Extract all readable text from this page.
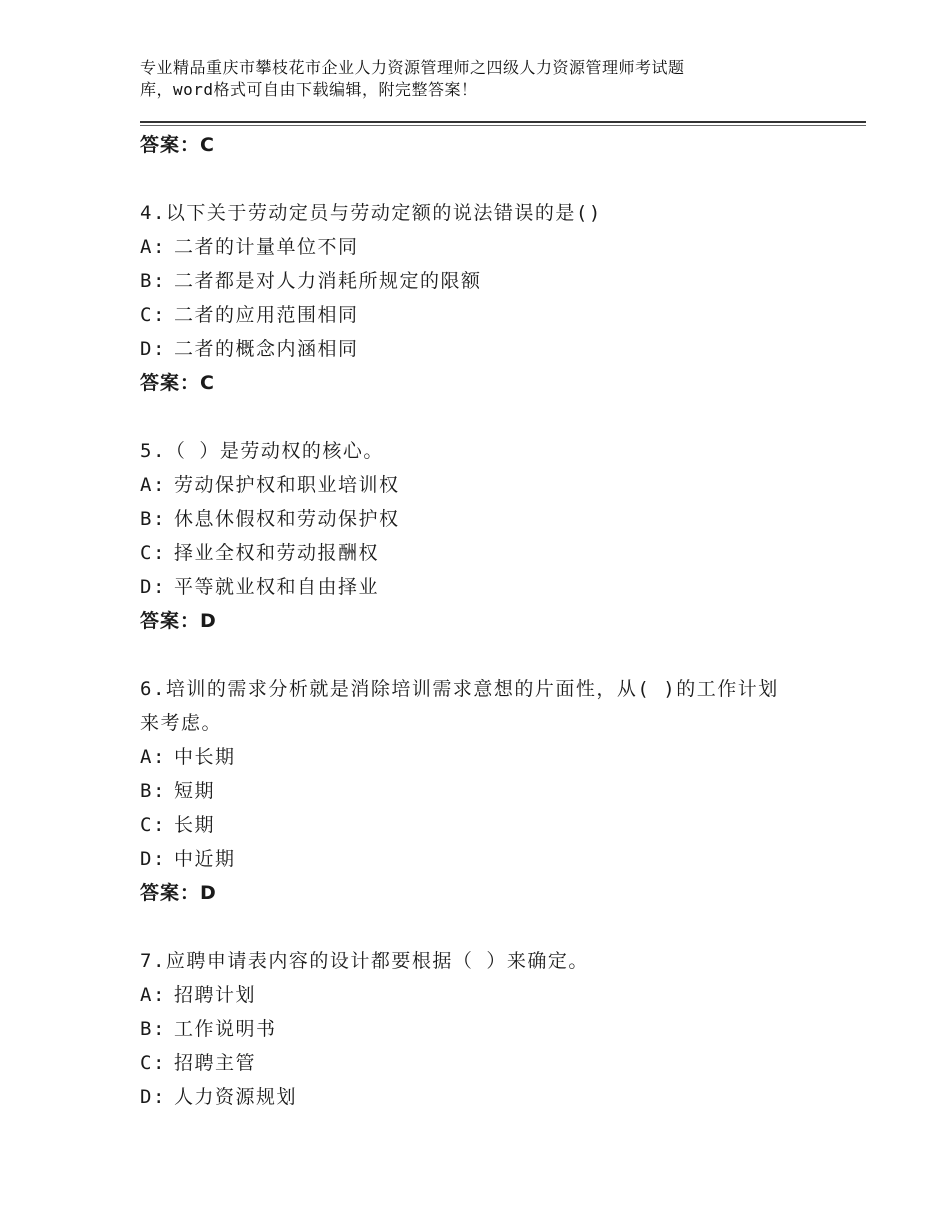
专业精品重庆市攀枝花市企业人力资源管理师之四级人力资源管理师考试题
库，word格式可自由下载编辑，附完整答案！
答案：C
4.以下关于劳动定员与劳动定额的说法错误的是()
A: 二者的计量单位不同
B: 二者都是对人力消耗所规定的限额
C: 二者的应用范围相同
D: 二者的概念内涵相同
答案：C
5.（ ）是劳动权的核心。
A: 劳动保护权和职业培训权
B: 休息休假权和劳动保护权
C: 择业全权和劳动报酬权
D: 平等就业权和自由择业
答案：D
6.培训的需求分析就是消除培训需求意想的片面性，从( )的工作计划
来考虑。
A: 中长期
B: 短期
C: 长期
D: 中近期
答案：D
7.应聘申请表内容的设计都要根据（ ）来确定。
A: 招聘计划
B: 工作说明书
C: 招聘主管
D: 人力资源规划
